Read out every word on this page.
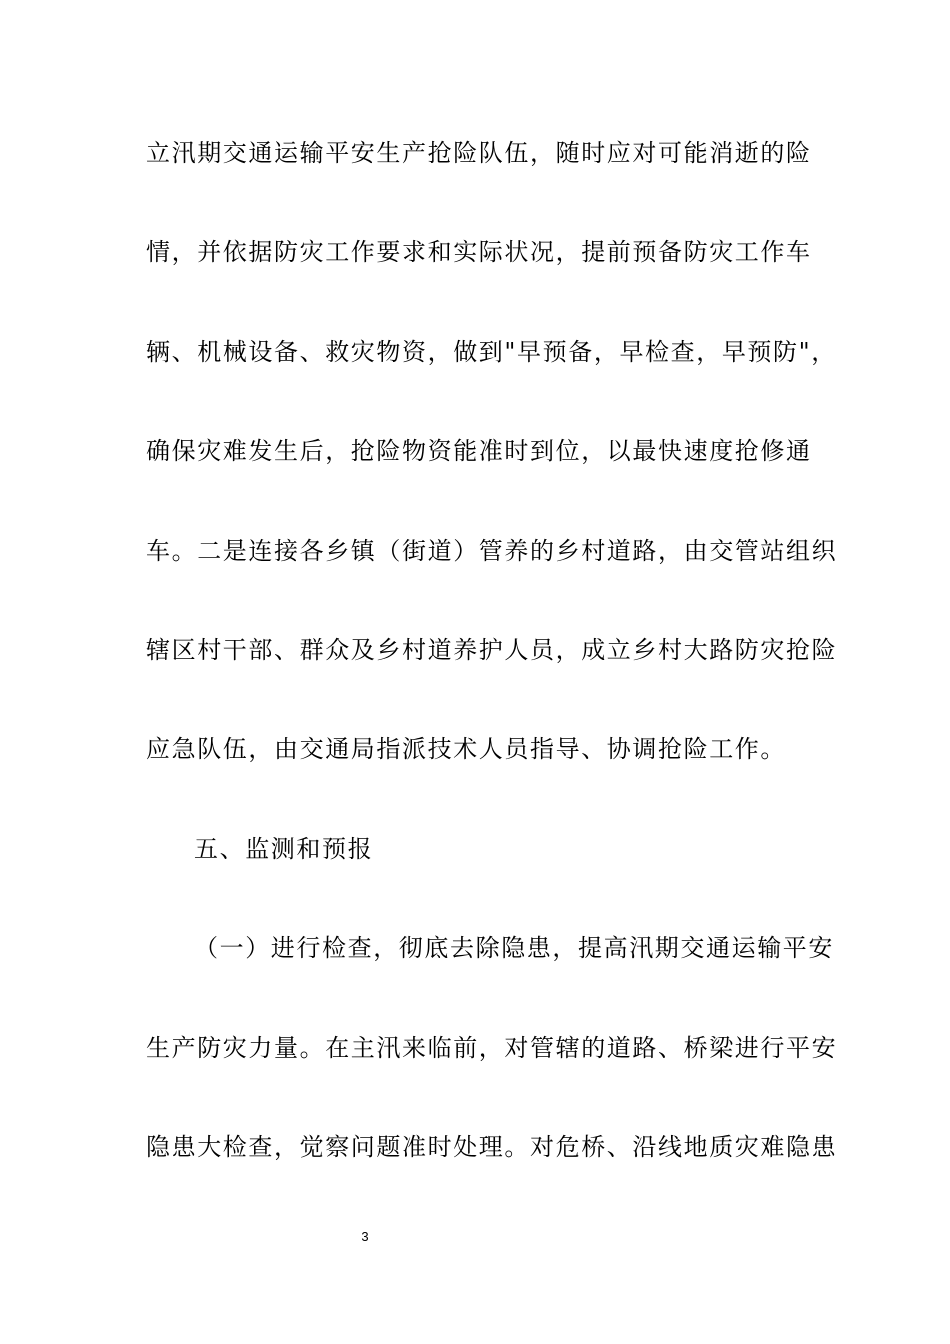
立汛期交通运输平安生产抢险队伍，随时应对可能消逝的险
情，并依据防灾工作要求和实际状况，提前预备防灾工作车
辆、机械设备、救灾物资，做到"早预备，早检查，早预防"，
确保灾难发生后，抢险物资能准时到位，以最快速度抢修通
车。二是连接各乡镇（街道）管养的乡村道路，由交管站组织
辖区村干部、群众及乡村道养护人员，成立乡村大路防灾抢险
应急队伍，由交通局指派技术人员指导、协调抢险工作。
五、监测和预报
（一）进行检查，彻底去除隐患，提高汛期交通运输平安
生产防灾力量。在主汛来临前，对管辖的道路、桥梁进行平安
隐患大检查，觉察问题准时处理。对危桥、沿线地质灾难隐患
3
